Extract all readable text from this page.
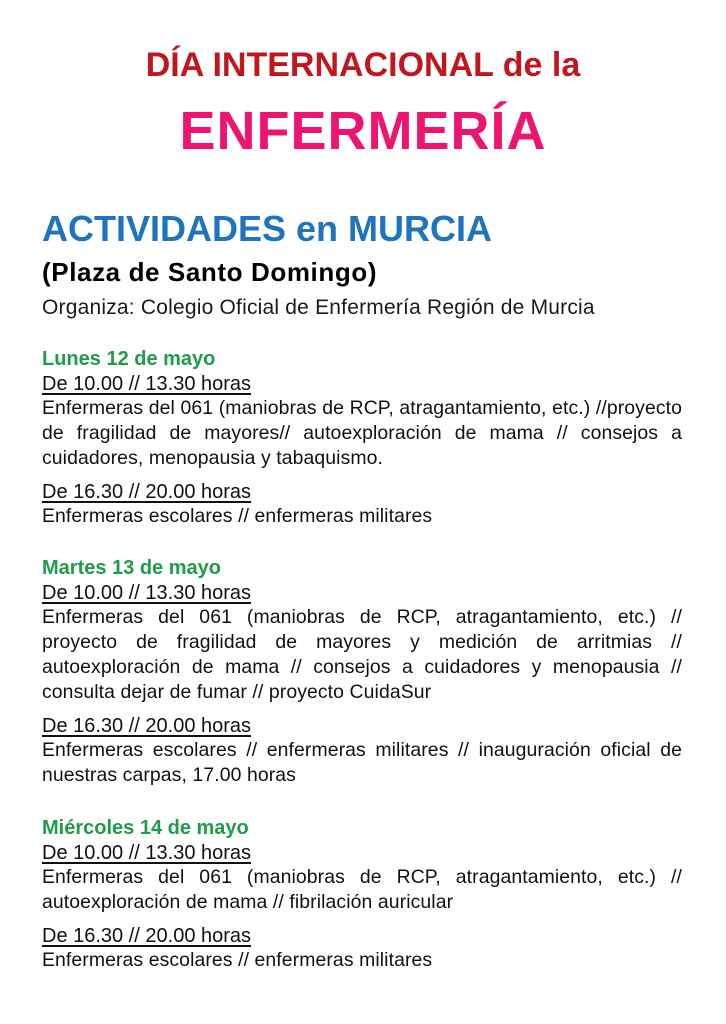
DÍA INTERNACIONAL de la
ENFERMERÍA
ACTIVIDADES en MURCIA
(Plaza de Santo Domingo)
Organiza: Colegio Oficial de Enfermería Región de Murcia
Lunes 12 de mayo
De 10.00 // 13.30 horas
Enfermeras del 061 (maniobras de RCP, atragantamiento, etc.) //proyecto de fragilidad de mayores// autoexploración de mama // consejos a cuidadores, menopausia y tabaquismo.
De 16.30 // 20.00 horas
Enfermeras escolares // enfermeras militares
Martes 13 de mayo
De 10.00 // 13.30 horas
Enfermeras del 061 (maniobras de RCP, atragantamiento, etc.) // proyecto de fragilidad de mayores y medición de arritmias // autoexploración de mama // consejos a cuidadores y menopausia // consulta dejar de fumar // proyecto CuidaSur
De 16.30 // 20.00 horas
Enfermeras escolares // enfermeras militares // inauguración oficial de nuestras carpas, 17.00 horas
Miércoles 14 de mayo
De 10.00 // 13.30 horas
Enfermeras del 061 (maniobras de RCP, atragantamiento, etc.) // autoexploración de mama // fibrilación auricular
De 16.30 // 20.00 horas
Enfermeras escolares // enfermeras militares
